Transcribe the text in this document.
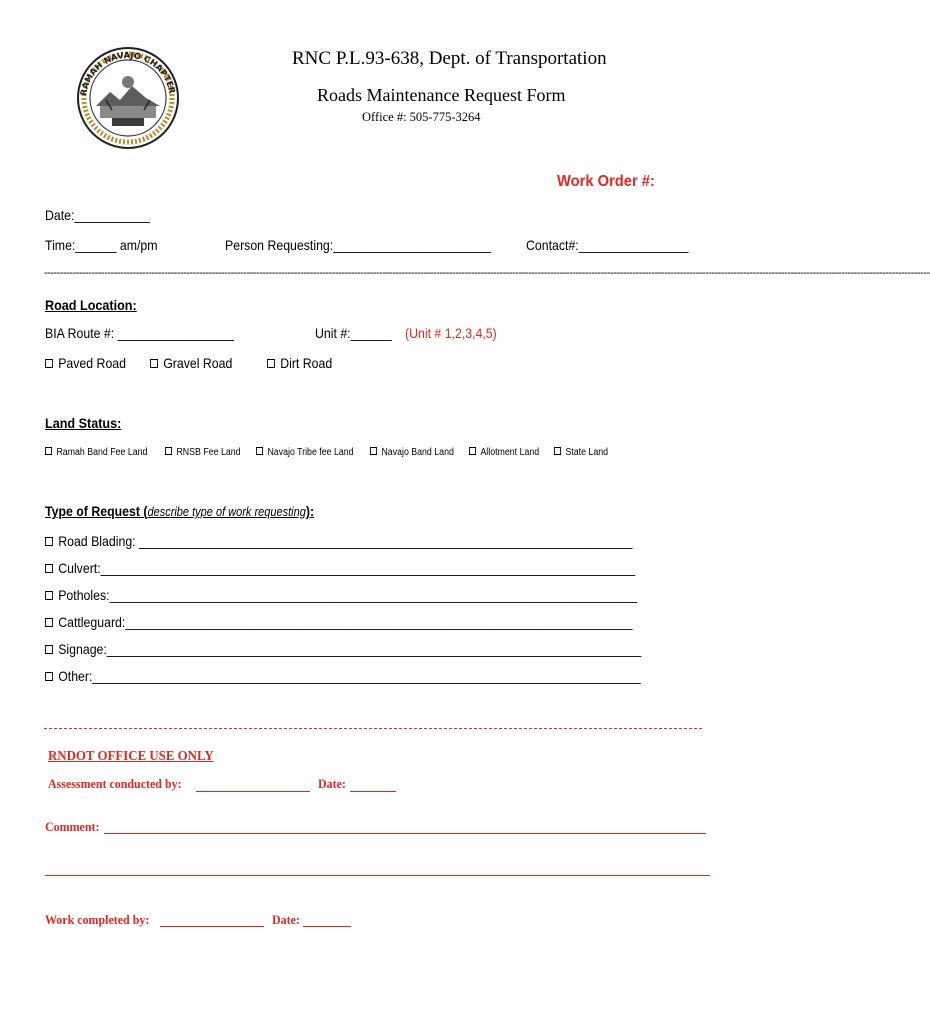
RAMAH NAVAJO CHAPTER
RNC P.L.93-638, Dept. of Transportation
Roads Maintenance Request Form
Office #: 505-775-3264
Work Order #:
Date:___________
Time:______ am/pm	Person Requesting:_______________________	Contact#:________________
----------------------------------------------------------------------------------------------------------------------------------------------------------------------------------------------------------------------------------------------------------------------------------------
Road Location:
BIA Route #: _________________	Unit #:______ (Unit # 1,2,3,4,5)
Paved Road	Gravel Road	Dirt Road
Land Status:
Ramah Band Fee Land	RNSB Fee Land	Navajo Tribe fee Land	Navajo Band Land	Allotment Land	State Land
Type of Request (describe type of work requesting):
Road Blading: ________________________________________________________________________
Culvert:______________________________________________________________________________
Potholes:_____________________________________________________________________________
Cattleguard:__________________________________________________________________________
Signage:______________________________________________________________________________
Other:________________________________________________________________________________
RNDOT OFFICE USE ONLY
Assessment conducted by:	Date:
Comment:
Work completed by:	Date:
